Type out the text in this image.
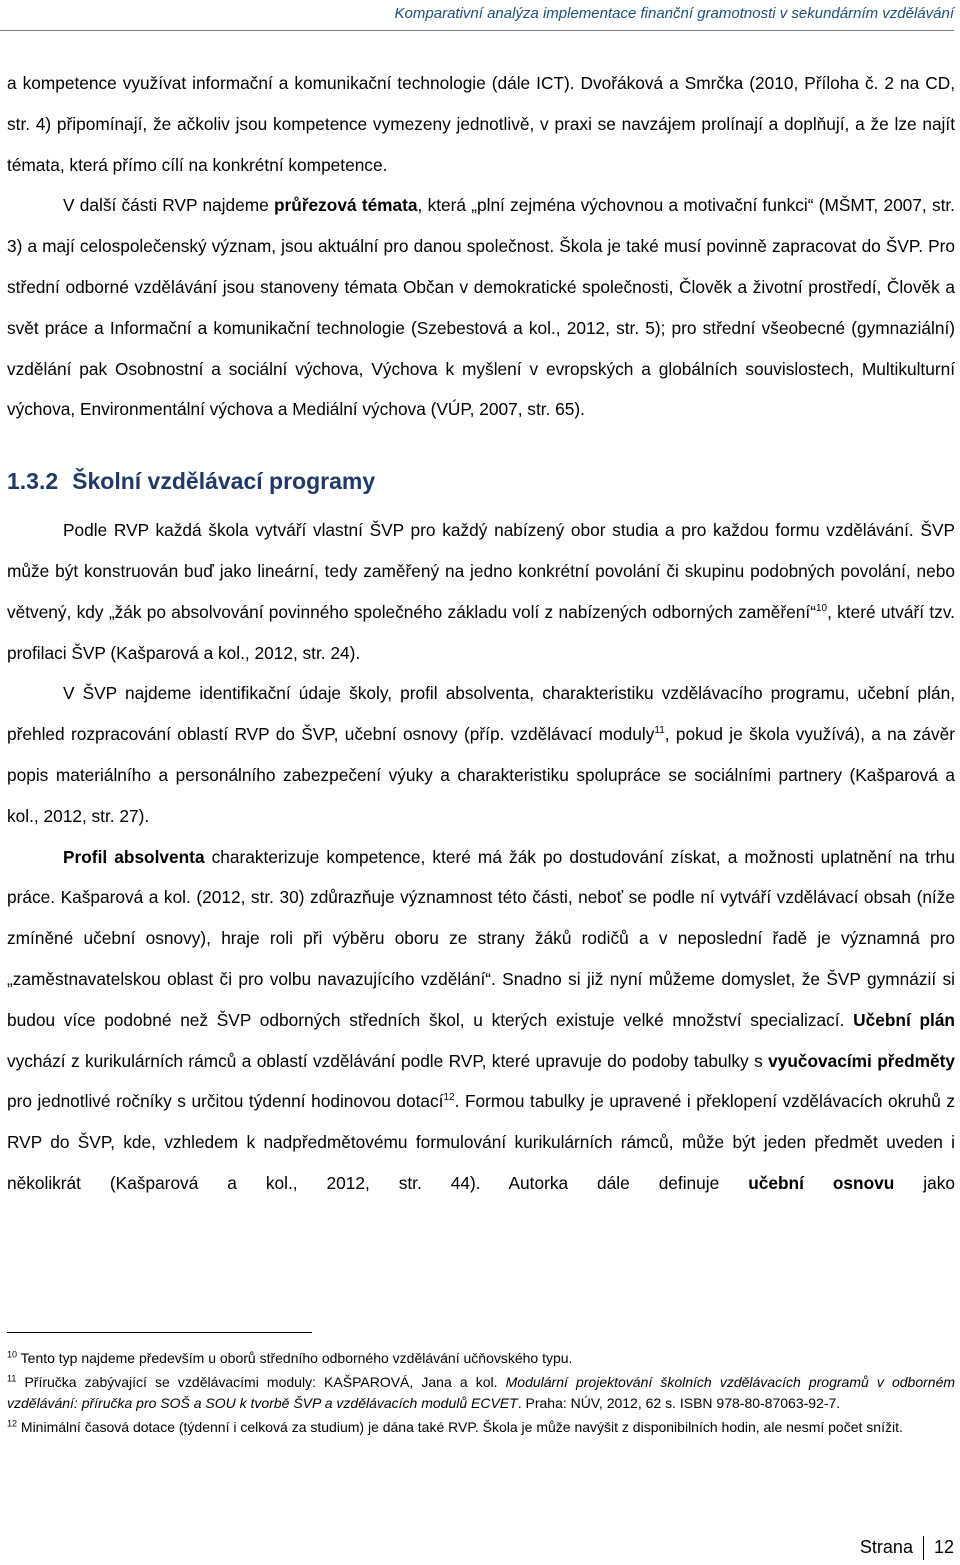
Komparativní analýza implementace finanční gramotnosti v sekundárním vzdělávání

a kompetence využívat informační a komunikační technologie (dále ICT). Dvořáková a Smrčka (2010, Příloha č. 2 na CD, str. 4) připomínají, že ačkoliv jsou kompetence vymezeny jednotlivě, v praxi se navzájem prolínají a doplňují, a že lze najít témata, která přímo cílí na konkrétní kompetence.

V další části RVP najdeme průřezová témata, která „plní zejména výchovnou a motivační funkci“ (MŠMT, 2007, str. 3) a mají celospolečenský význam, jsou aktuální pro danou společnost. Škola je také musí povinně zapracovat do ŠVP. Pro střední odborné vzdělávání jsou stanoveny témata Občan v demokratické společnosti, Člověk a životní prostředí, Člověk a svět práce a Informační a komunikační technologie (Szebestová a kol., 2012, str. 5); pro střední všeobecné (gymnaziální) vzdělání pak Osobnostní a sociální výchova, Výchova k myšlení v evropských a globálních souvislostech, Multikulturní výchova, Environmentální výchova a Mediální výchova (VÚP, 2007, str. 65).

1.3.2 Školní vzdělávací programy

Podle RVP každá škola vytváří vlastní ŠVP pro každý nabízený obor studia a pro každou formu vzdělávání. ŠVP může být konstruován buď jako lineární, tedy zaměřený na jedno konkrétní povolání či skupinu podobných povolání, nebo větvený, kdy „žák po absolvování povinného společného základu volí z nabízených odborných zaměření“$^{10}$, které utváří tzv. profilaci ŠVP (Kašparová a kol., 2012, str. 24).

V ŠVP najdeme identifikační údaje školy, profil absolventa, charakteristiku vzdělávacího programu, učební plán, přehled rozpracování oblastí RVP do ŠVP, učební osnovy (příp. vzdělávací moduly$^{11}$, pokud je škola využívá), a na závěr popis materiálního a personálního zabezpečení výuky a charakteristiku spolupráce se sociálními partnery (Kašparová a kol., 2012, str. 27).

Profil absolventa charakterizuje kompetence, které má žák po dostudování získat, a možnosti uplatnění na trhu práce. Kašparová a kol. (2012, str. 30) zdůrazňuje významnost této části, neboť se podle ní vytváří vzdělávací obsah (níže zmíněné učební osnovy), hraje roli při výběru oboru ze strany žáků rodičů a v neposlední řadě je významná pro „zaměstnavatelskou oblast či pro volbu navazujícího vzdělání“. Snadno si již nyní můžeme domyslet, že ŠVP gymnázií si budou více podobné než ŠVP odborných středních škol, u kterých existuje velké množství specializací. Učební plán vychází z kurikulárních rámců a oblastí vzdělávání podle RVP, které upravuje do podoby tabulky s vyučovacími předměty pro jednotlivé ročníky s určitou týdenní hodinovou dotací$^{12}$. Formou tabulky je upravené i překlopení vzdělávacích okruhů z RVP do ŠVP, kde, vzhledem k nadpředmětovému formulování kurikulárních rámců, může být jeden předmět uveden i několikrát (Kašparová a kol., 2012, str. 44). Autorka dále definuje učební osnovu jako

$^{10}$ Tento typ najdeme především u oborů středního odborného vzdělávání učňovského typu.

$^{11}$ Příručka zabývající se vzdělávacími moduly: KAŠPAROVÁ, Jana a kol. Modulární projektování školních vzdělávacích programů v odborném vzdělávání: příručka pro SOŠ a SOU k tvorbě ŠVP a vzdělávacích modulů ECVET. Praha: NÚV, 2012, 62 s. ISBN 978-80-87063-92-7.

$^{12}$ Minimální časová dotace (týdenní i celková za studium) je dána také RVP. Škola je může navýšit z disponibilních hodin, ale nesmí počet snížit.

Strana 12
